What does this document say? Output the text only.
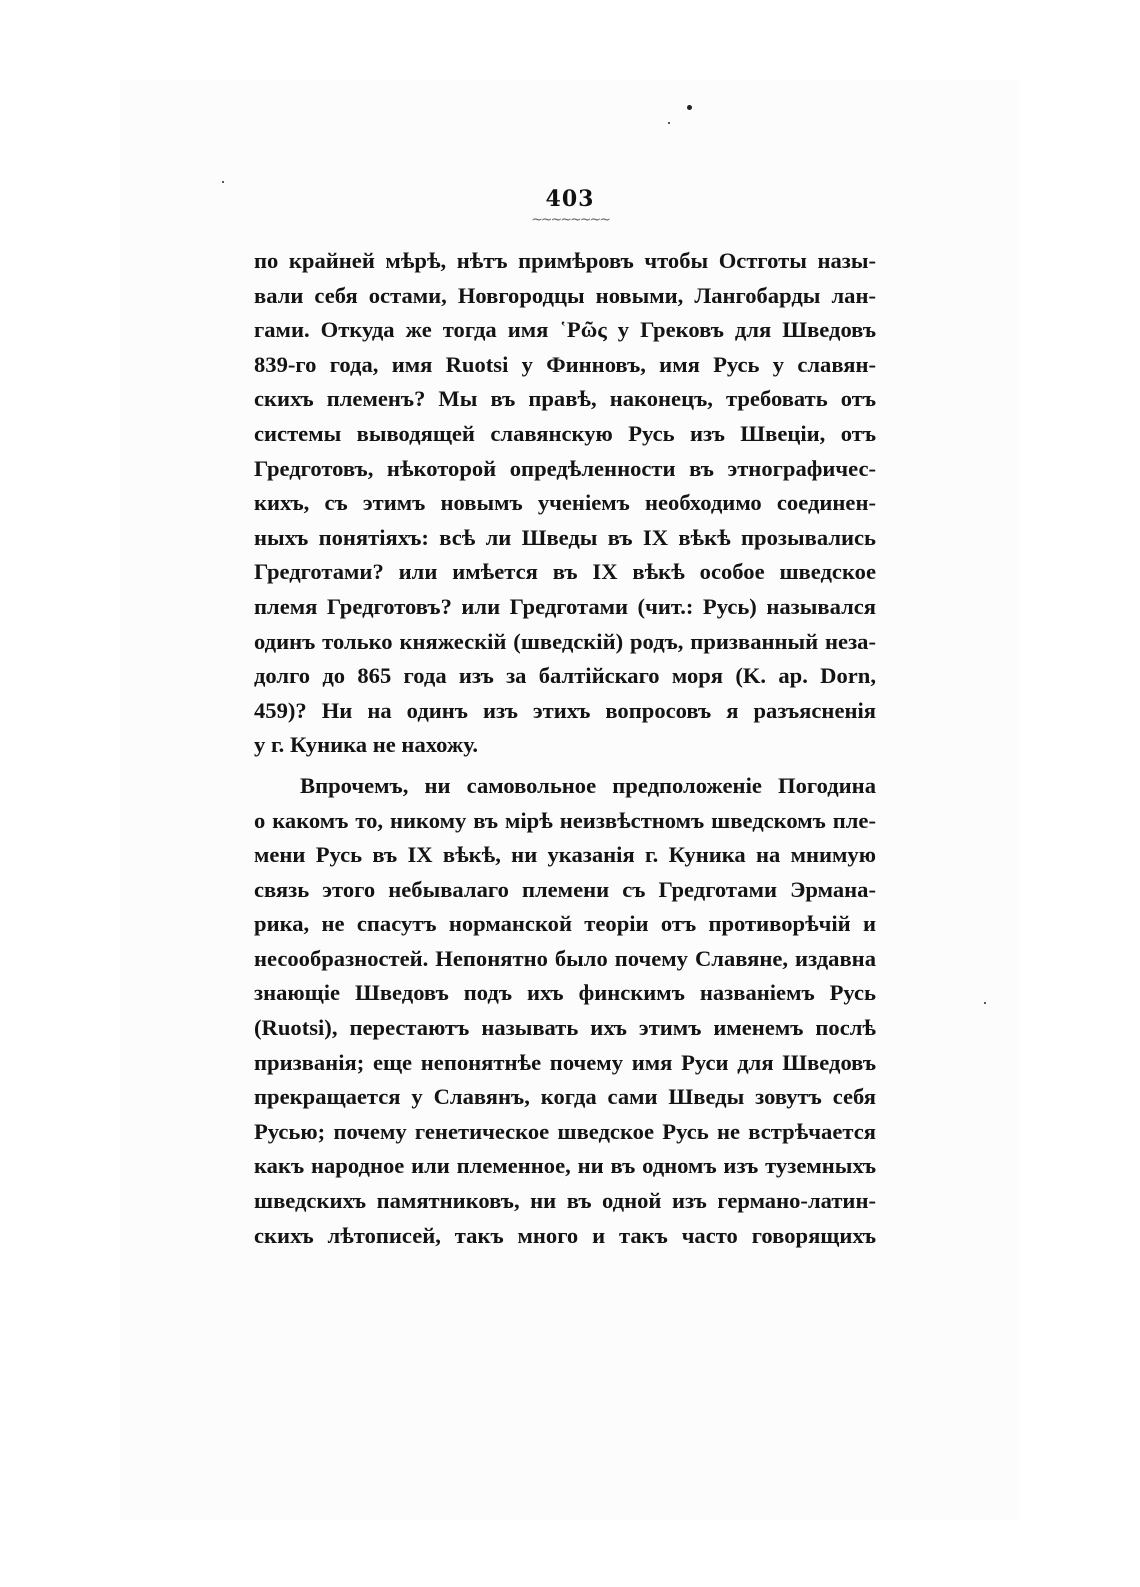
403
~~~~~~~~
по крайней мѣрѣ, нѣтъ примѣровъ чтобы Остготы назы-
вали себя остами, Новгородцы новыми, Лангобарды лан-
гами. Откуда же тогда имя ῾Ρῶς у Грековъ для Шведовъ
839-го года, имя Ruotsi у Финновъ, имя Русь у славян-
скихъ племенъ? Мы въ правѣ, наконецъ, требовать отъ
системы выводящей славянскую Русь изъ Швеціи, отъ
Гредготовъ, нѣкоторой опредѣленности въ этнографичес-
кихъ, съ этимъ новымъ ученіемъ необходимо соединен-
ныхъ понятіяхъ: всѣ ли Шведы въ IX вѣкѣ прозывались
Гредготами? или имѣется въ IX вѣкѣ особое шведское
племя Гредготовъ? или Гредготами (чит.: Русь) назывался
одинъ только княжескій (шведскій) родъ, призванный неза-
долго до 865 года изъ за балтійскаго моря (K. ap. Dorn,
459)? Ни на одинъ изъ этихъ вопросовъ я разъясненія
у г. Куника не нахожу.
Впрочемъ, ни самовольное предположеніе Погодина
о какомъ то, никому въ мірѣ неизвѣстномъ шведскомъ пле-
мени Русь въ IX вѣкѣ, ни указанія г. Куника на мнимую
связь этого небывалаго племени съ Гредготами Эрмана-
рика, не спасутъ норманской теоріи отъ противорѣчій и
несообразностей. Непонятно было почему Славяне, издавна
знающіе Шведовъ подъ ихъ финскимъ названіемъ Русь
(Ruotsi), перестаютъ называть ихъ этимъ именемъ послѣ
призванія; еще непонятнѣе почему имя Руси для Шведовъ
прекращается у Славянъ, когда сами Шведы зовутъ себя
Русью; почему генетическое шведское Русь не встрѣчается
какъ народное или племенное, ни въ одномъ изъ туземныхъ
шведскихъ памятниковъ, ни въ одной изъ германо-латин-
скихъ лѣтописей, такъ много и такъ часто говорящихъ
